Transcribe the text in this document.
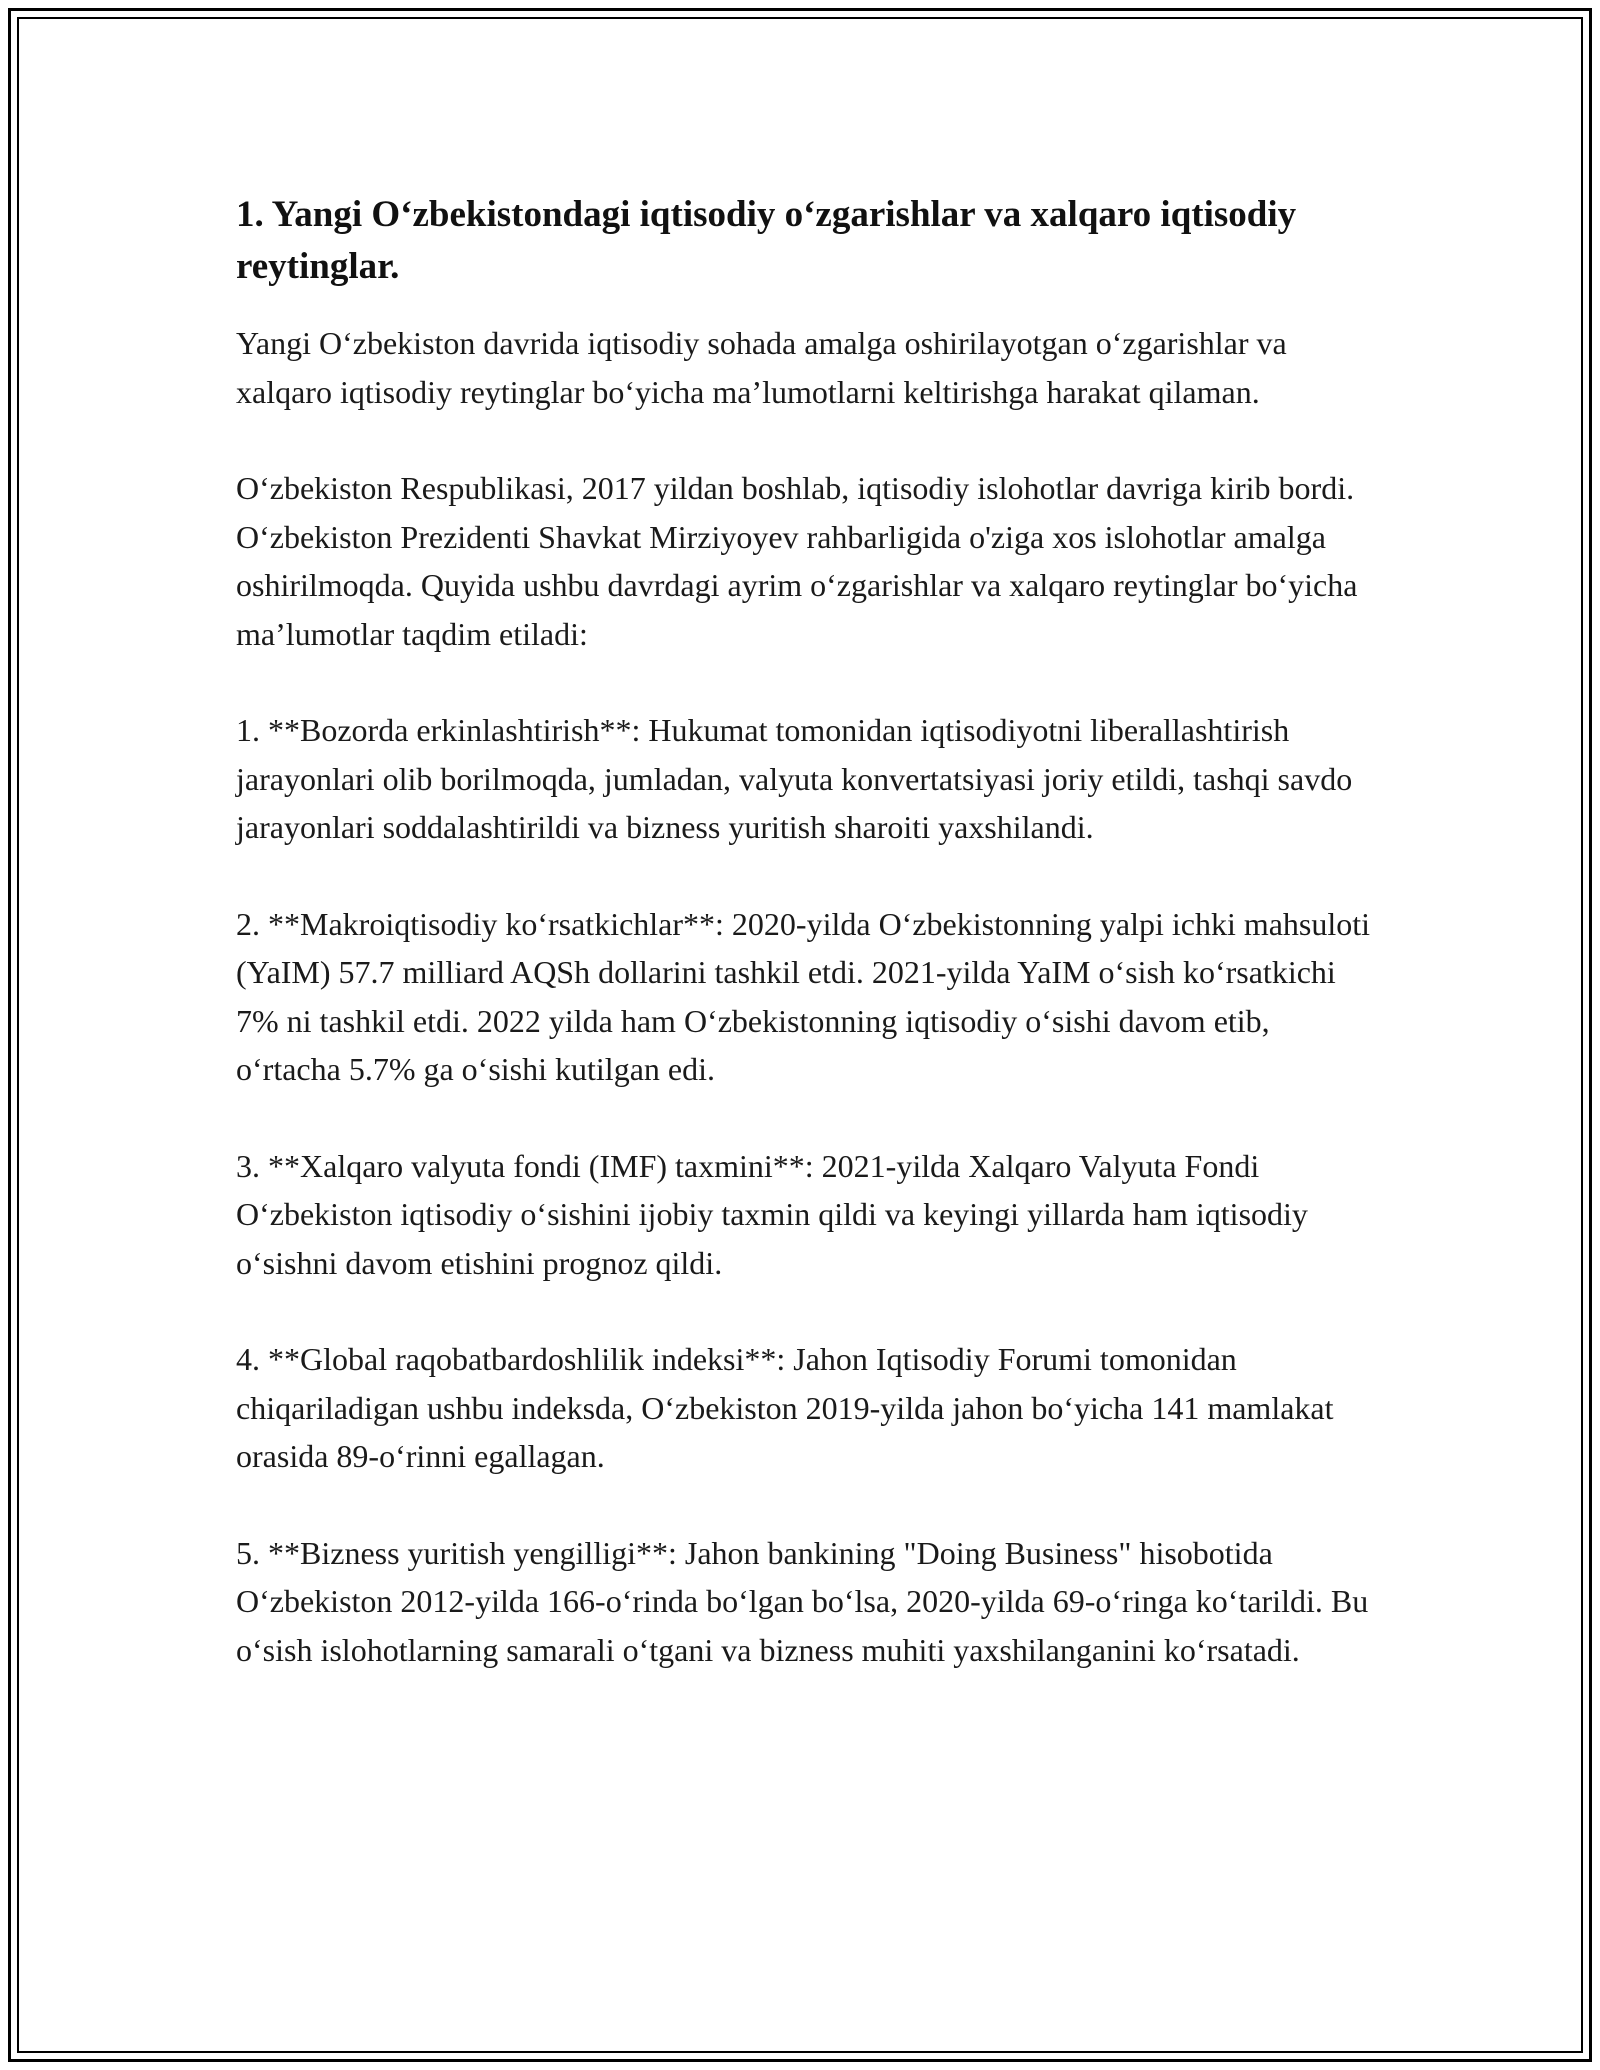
1. Yangi O‘zbekistondagi iqtisodiy o‘zgarishlar va xalqaro iqtisodiy reytinglar.

Yangi O‘zbekiston davrida iqtisodiy sohada amalga oshirilayotgan o‘zgarishlar va xalqaro iqtisodiy reytinglar bo‘yicha ma’lumotlarni keltirishga harakat qilaman.

O‘zbekiston Respublikasi, 2017 yildan boshlab, iqtisodiy islohotlar davriga kirib bordi. O‘zbekiston Prezidenti Shavkat Mirziyoyev rahbarligida o'ziga xos islohotlar amalga oshirilmoqda. Quyida ushbu davrdagi ayrim o‘zgarishlar va xalqaro reytinglar bo‘yicha ma’lumotlar taqdim etiladi:

1. **Bozorda erkinlashtirish**: Hukumat tomonidan iqtisodiyotni liberallashtirish jarayonlari olib borilmoqda, jumladan, valyuta konvertatsiyasi joriy etildi, tashqi savdo jarayonlari soddalashtirildi va bizness yuritish sharoiti yaxshilandi.

2. **Makroiqtisodiy ko‘rsatkichlar**: 2020-yilda O‘zbekistonning yalpi ichki mahsuloti (YaIM) 57.7 milliard AQSh dollarini tashkil etdi. 2021-yilda YaIM o‘sish ko‘rsatkichi 7% ni tashkil etdi. 2022 yilda ham O‘zbekistonning iqtisodiy o‘sishi davom etib, o‘rtacha 5.7% ga o‘sishi kutilgan edi.

3. **Xalqaro valyuta fondi (IMF) taxmini**: 2021-yilda Xalqaro Valyuta Fondi O‘zbekiston iqtisodiy o‘sishini ijobiy taxmin qildi va keyingi yillarda ham iqtisodiy o‘sishni davom etishini prognoz qildi.

4. **Global raqobatbardoshlilik indeksi**: Jahon Iqtisodiy Forumi tomonidan chiqariladigan ushbu indeksda, O‘zbekiston 2019-yilda jahon bo‘yicha 141 mamlakat orasida 89-o‘rinni egallagan.

5. **Bizness yuritish yengilligi**: Jahon bankining "Doing Business" hisobotida O‘zbekiston 2012-yilda 166-o‘rinda bo‘lgan bo‘lsa, 2020-yilda 69-o‘ringa ko‘tarildi. Bu o‘sish islohotlarning samarali o‘tgani va bizness muhiti yaxshilanganini ko‘rsatadi.
